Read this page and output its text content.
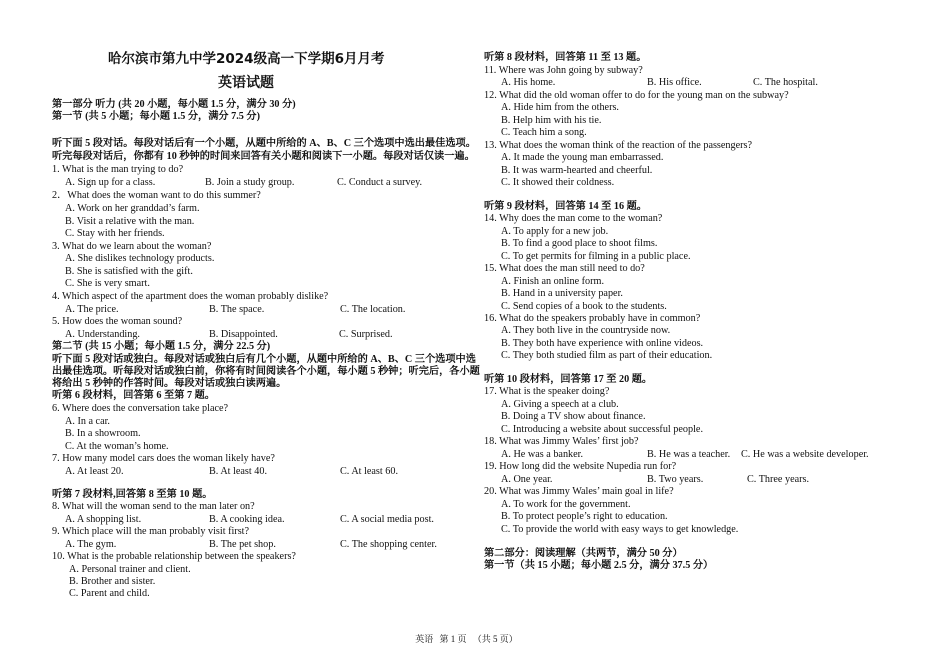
哈尔滨市第九中学2024级高一下学期6月月考
英语试题
第一部分 听力 (共 20 小题，每小题 1.5 分，满分 30 分)
第一节 (共 5 小题；每小题 1.5 分，满分 7.5 分)
听下面 5 段对话。每段对话后有一个小题，从题中所给的 A、B、C 三个选项中选出最佳选项。
听完每段对话后，你都有 10 秒钟的时间来回答有关小题和阅读下一小题。每段对话仅读一遍。
1. What is the man trying to do?
A. Sign up for a class.	B. Join a study group.	C. Conduct a survey.
2．What does the woman want to do this summer?
A. Work on her granddad’s farm.
B. Visit a relative with the man.
C. Stay with her friends.
3. What do we learn about the woman?
A. She dislikes technology products.
B. She is satisfied with the gift.
C. She is very smart.
4. Which aspect of the apartment does the woman probably dislike?
A. The price.	B. The space.	C. The location.
5. How does the woman sound?
A. Understanding.	B. Disappointed.	C. Surprised.
第二节 (共 15 小题；每小题 1.5 分，满分 22.5 分)
听下面 5 段对话或独白。每段对话或独白后有几个小题，从题中所给的 A、B、C 三个选项中选
出最佳选项。听每段对话或独白前，你将有时间阅读各个小题，每小题 5 秒钟；听完后，各小题
将给出 5 秒钟的作答时间。每段对话或独白读两遍。
听第 6 段材料，回答第 6 至第 7 题。
6. Where does the conversation take place?
A. In a car.
B. In a showroom.
C. At the woman’s home.
7. How many model cars does the woman likely have?
A. At least 20.	B. At least 40.	C. At least 60.
听第 7 段材料,回答第 8 至第 10 题。
8. What will the woman send to the man later on?
A. A shopping list.	B. A cooking idea.	C. A social media post.
9. Which place will the man probably visit first?
A. The gym.	B. The pet shop.	C. The shopping center.
10. What is the probable relationship between the speakers?
A. Personal trainer and client.
B. Brother and sister.
C. Parent and child.
听第 8 段材料，回答第 11 至 13 题。
11. Where was John going by subway?
A. His home.	B. His office.	C. The hospital.
12. What did the old woman offer to do for the young man on the subway?
A. Hide him from the others.
B. Help him with his tie.
C. Teach him a song.
13. What does the woman think of the reaction of the passengers?
A. It made the young man embarrassed.
B. It was warm-hearted and cheerful.
C. It showed their coldness.
听第 9 段材料，回答第 14 至 16 题。
14. Why does the man come to the woman?
A. To apply for a new job.
B. To find a good place to shoot films.
C. To get permits for filming in a public place.
15. What does the man still need to do?
A. Finish an online form.
B. Hand in a university paper.
C. Send copies of a book to the students.
16. What do the speakers probably have in common?
A. They both live in the countryside now.
B. They both have experience with online videos.
C. They both studied film as part of their education.
听第 10 段材料，回答第 17 至 20 题。
17. What is the speaker doing?
A. Giving a speech at a club.
B. Doing a TV show about finance.
C. Introducing a website about successful people.
18. What was Jimmy Wales’ first job?
A. He was a banker.	B. He was a teacher. C. He was a website developer.
19. How long did the website Nupedia run for?
A. One year.	B. Two years.	C. Three years.
20. What was Jimmy Wales’ main goal in life?
A. To work for the government.
B. To protect people’s right to education.
C. To provide the world with easy ways to get knowledge.
第二部分：阅读理解（共两节，满分 50 分）
第一节（共 15 小题；每小题 2.5 分，满分 37.5 分）
英语 第 1 页 （共 5 页）
